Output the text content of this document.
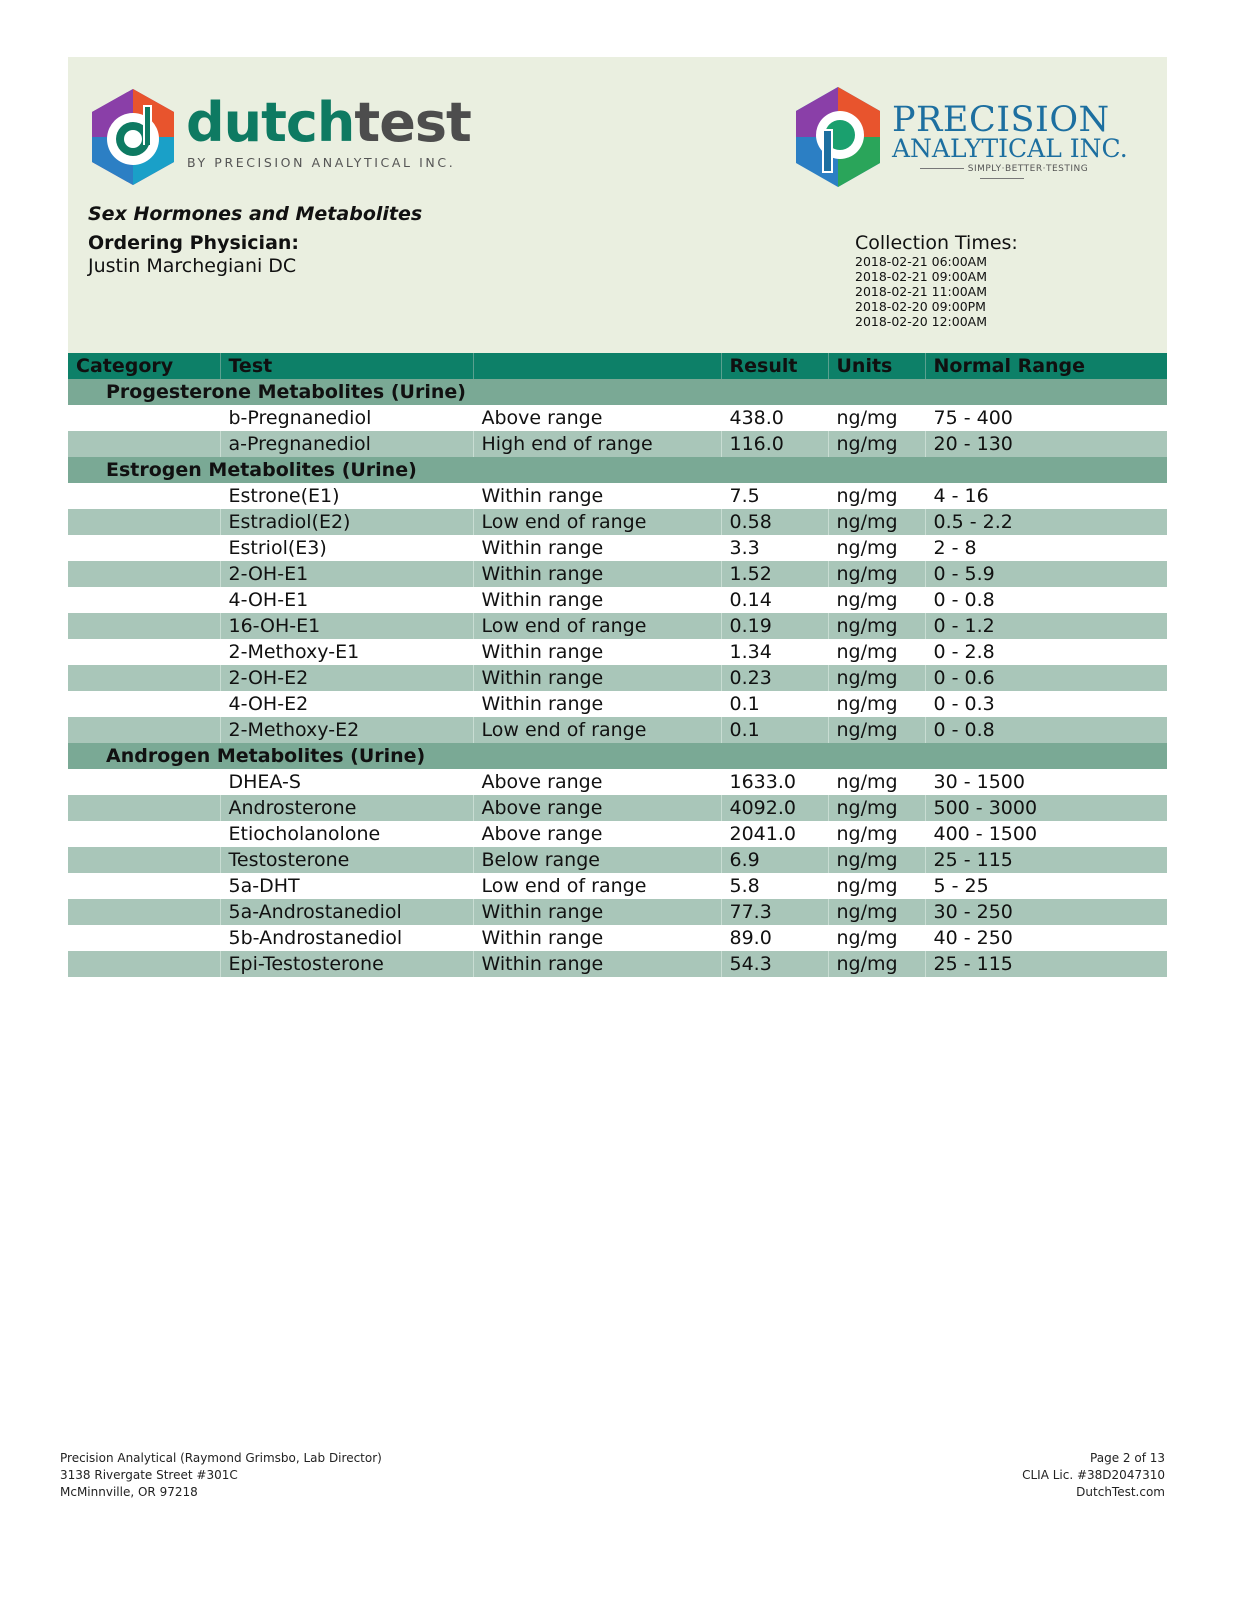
dutchtest
BY PRECISION ANALYTICAL INC.
PRECISION
ANALYTICAL INC.
SIMPLY·BETTER·TESTING
Sex Hormones and Metabolites
Ordering Physician:
Justin Marchegiani DC
Collection Times:
2018-02-21 06:00AM
2018-02-21 09:00AM
2018-02-21 11:00AM
2018-02-20 09:00PM
2018-02-20 12:00AM
Category	Test		Result	Units	Normal Range
Progesterone Metabolites (Urine)					
	b-Pregnanediol	Above range	438.0	ng/mg	75 - 400
	a-Pregnanediol	High end of range	116.0	ng/mg	20 - 130
Estrogen Metabolites (Urine)					
	Estrone(E1)	Within range	7.5	ng/mg	4 - 16
	Estradiol(E2)	Low end of range	0.58	ng/mg	0.5 - 2.2
	Estriol(E3)	Within range	3.3	ng/mg	2 - 8
	2-OH-E1	Within range	1.52	ng/mg	0 - 5.9
	4-OH-E1	Within range	0.14	ng/mg	0 - 0.8
	16-OH-E1	Low end of range	0.19	ng/mg	0 - 1.2
	2-Methoxy-E1	Within range	1.34	ng/mg	0 - 2.8
	2-OH-E2	Within range	0.23	ng/mg	0 - 0.6
	4-OH-E2	Within range	0.1	ng/mg	0 - 0.3
	2-Methoxy-E2	Low end of range	0.1	ng/mg	0 - 0.8
Androgen Metabolites (Urine)					
	DHEA-S	Above range	1633.0	ng/mg	30 - 1500
	Androsterone	Above range	4092.0	ng/mg	500 - 3000
	Etiocholanolone	Above range	2041.0	ng/mg	400 - 1500
	Testosterone	Below range	6.9	ng/mg	25 - 115
	5a-DHT	Low end of range	5.8	ng/mg	5 - 25
	5a-Androstanediol	Within range	77.3	ng/mg	30 - 250
	5b-Androstanediol	Within range	89.0	ng/mg	40 - 250
	Epi-Testosterone	Within range	54.3	ng/mg	25 - 115
Precision Analytical (Raymond Grimsbo, Lab Director)
3138 Rivergate Street #301C
McMinnville, OR 97218
Page 2 of 13
CLIA Lic. #38D2047310
DutchTest.com
